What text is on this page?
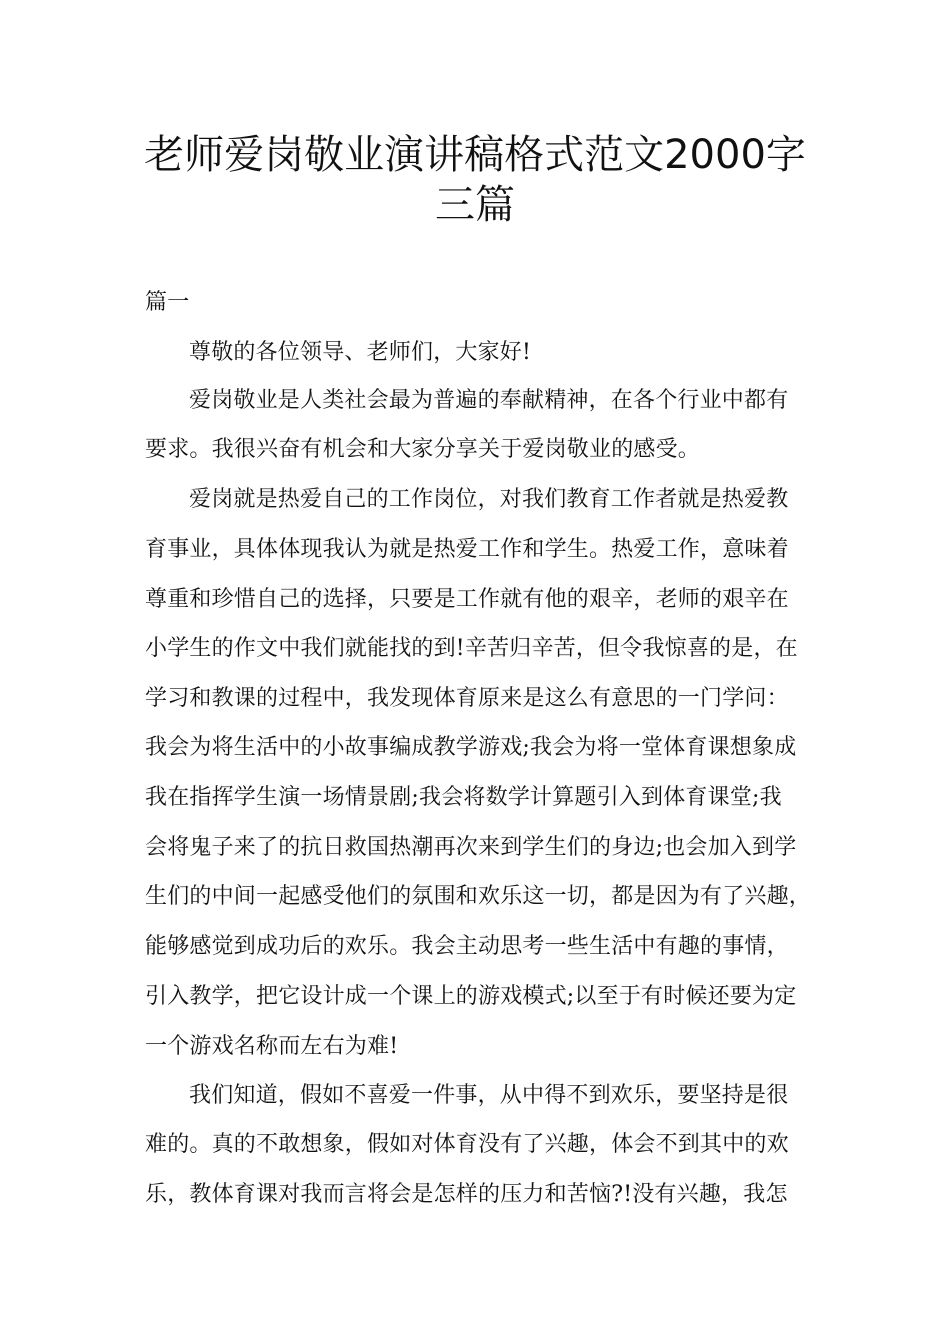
老师爱岗敬业演讲稿格式范文2000字
三篇
篇一
尊敬的各位领导、老师们，大家好!
爱岗敬业是人类社会最为普遍的奉献精神，在各个行业中都有
要求。我很兴奋有机会和大家分享关于爱岗敬业的感受。
爱岗就是热爱自己的工作岗位，对我们教育工作者就是热爱教
育事业，具体体现我认为就是热爱工作和学生。热爱工作，意味着
尊重和珍惜自己的选择，只要是工作就有他的艰辛，老师的艰辛在
小学生的作文中我们就能找的到!辛苦归辛苦，但令我惊喜的是，在
学习和教课的过程中，我发现体育原来是这么有意思的一门学问：
我会为将生活中的小故事编成教学游戏;我会为将一堂体育课想象成
我在指挥学生演一场情景剧;我会将数学计算题引入到体育课堂;我
会将鬼子来了的抗日救国热潮再次来到学生们的身边;也会加入到学
生们的中间一起感受他们的氛围和欢乐这一切，都是因为有了兴趣，
能够感觉到成功后的欢乐。我会主动思考一些生活中有趣的事情，
引入教学，把它设计成一个课上的游戏模式;以至于有时候还要为定
一个游戏名称而左右为难!
我们知道，假如不喜爱一件事，从中得不到欢乐，要坚持是很
难的。真的不敢想象，假如对体育没有了兴趣，体会不到其中的欢
乐，教体育课对我而言将会是怎样的压力和苦恼?!没有兴趣，我怎
